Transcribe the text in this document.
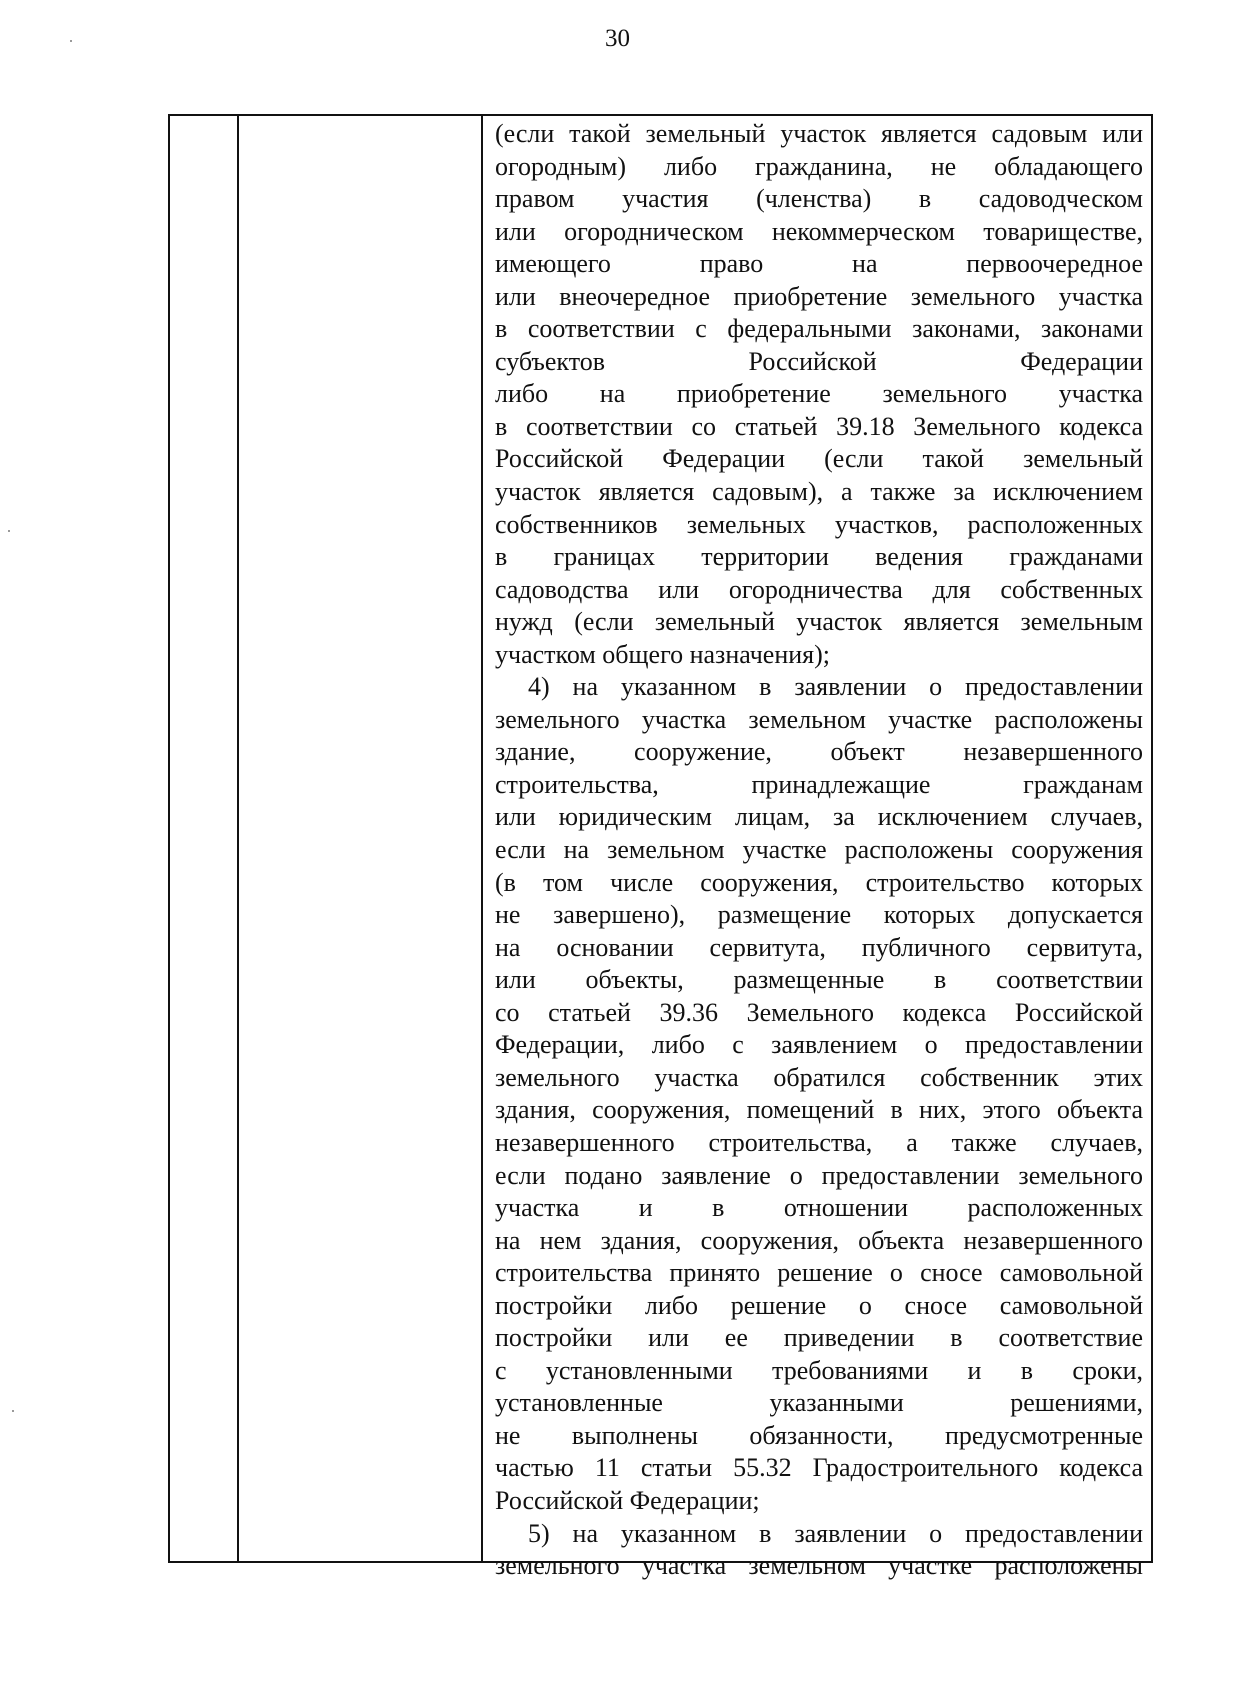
30
(если такой земельный участок является садовым или
огородным) либо гражданина, не обладающего
правом участия (членства) в садоводческом
или огородническом некоммерческом товариществе,
имеющего право на первоочередное
или внеочередное приобретение земельного участка
в соответствии с федеральными законами, законами
субъектов Российской Федерации
либо на приобретение земельного участка
в соответствии со статьей 39.18 Земельного кодекса
Российской Федерации (если такой земельный
участок является садовым), а также за исключением
собственников земельных участков, расположенных
в границах территории ведения гражданами
садоводства или огородничества для собственных
нужд (если земельный участок является земельным
участком общего назначения);
4) на указанном в заявлении о предоставлении
земельного участка земельном участке расположены
здание, сооружение, объект незавершенного
строительства, принадлежащие гражданам
или юридическим лицам, за исключением случаев,
если на земельном участке расположены сооружения
(в том числе сооружения, строительство которых
не завершено), размещение которых допускается
на основании сервитута, публичного сервитута,
или объекты, размещенные в соответствии
со статьей 39.36 Земельного кодекса Российской
Федерации, либо с заявлением о предоставлении
земельного участка обратился собственник этих
здания, сооружения, помещений в них, этого объекта
незавершенного строительства, а также случаев,
если подано заявление о предоставлении земельного
участка и в отношении расположенных
на нем здания, сооружения, объекта незавершенного
строительства принято решение о сносе самовольной
постройки либо решение о сносе самовольной
постройки или ее приведении в соответствие
с установленными требованиями и в сроки,
установленные указанными решениями,
не выполнены обязанности, предусмотренные
частью 11 статьи 55.32 Градостроительного кодекса
Российской Федерации;
5) на указанном в заявлении о предоставлении
земельного участка земельном участке расположены
